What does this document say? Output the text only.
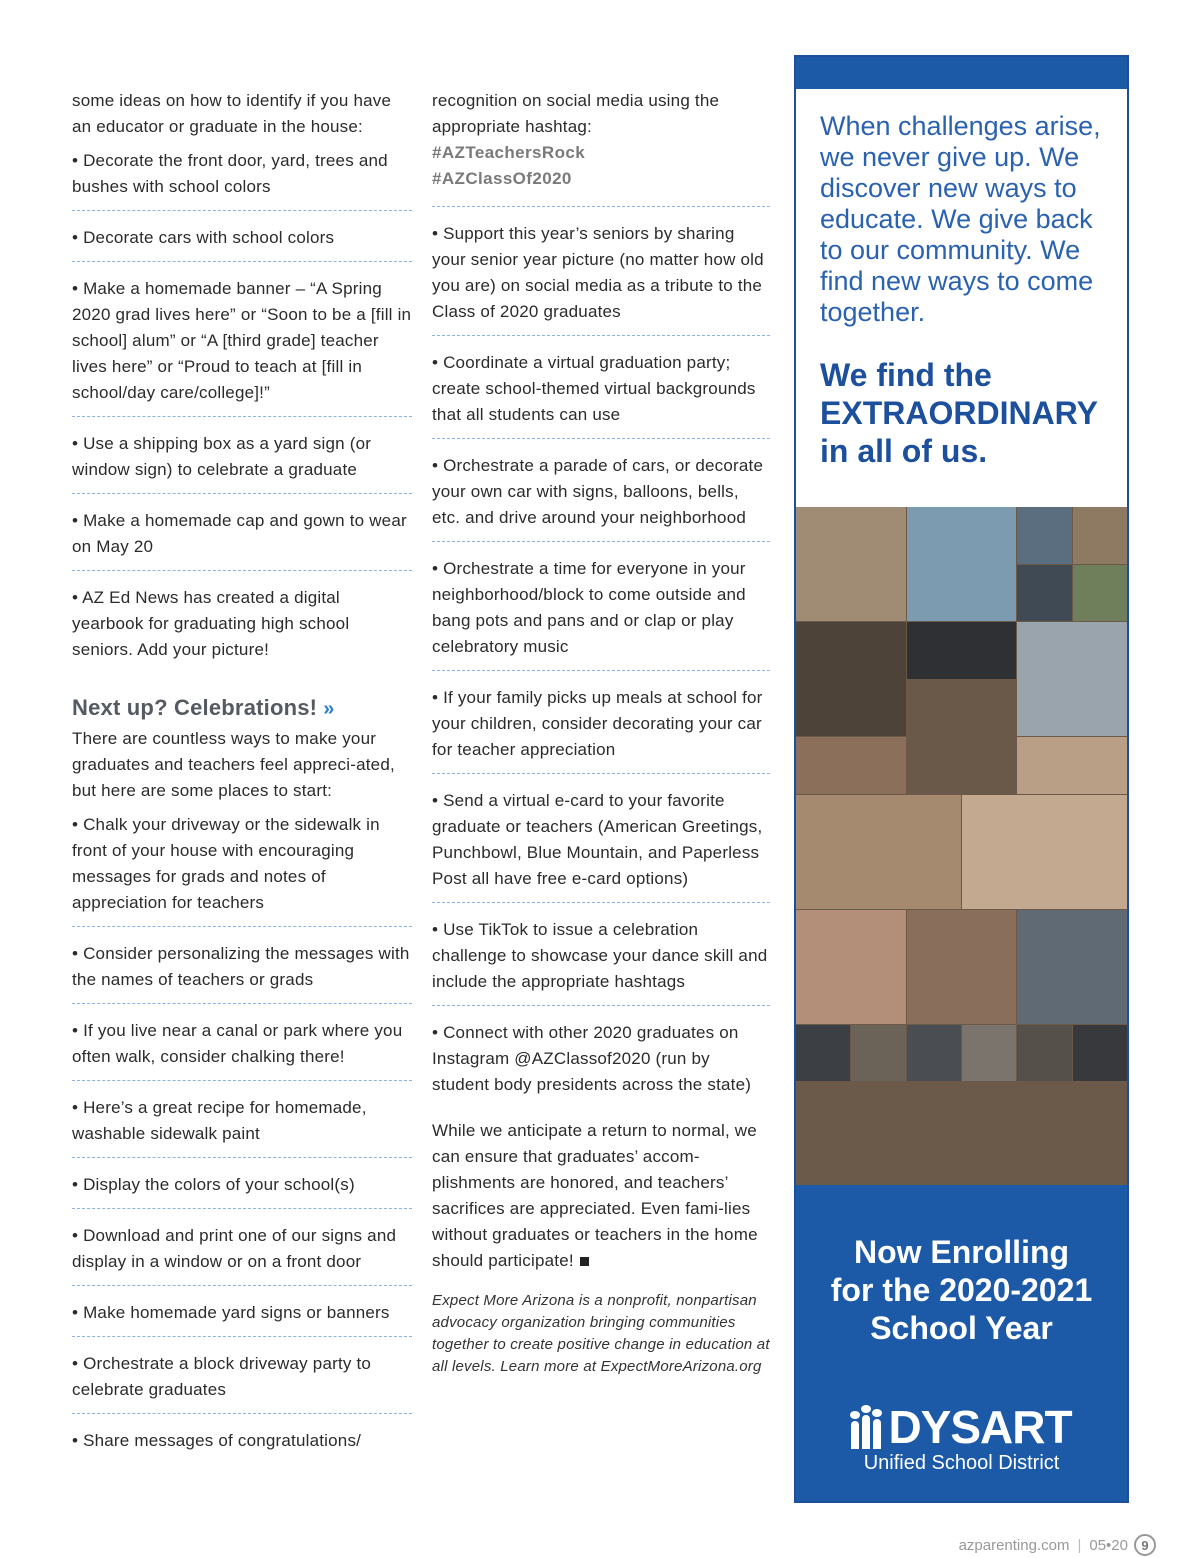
some ideas on how to identify if you have an educator or graduate in the house:

• Decorate the front door, yard, trees and bushes with school colors
• Decorate cars with school colors
• Make a homemade banner – “A Spring 2020 grad lives here” or “Soon to be a [fill in school] alum” or “A [third grade] teacher lives here” or “Proud to teach at [fill in school/day care/college]!”
• Use a shipping box as a yard sign (or window sign) to celebrate a graduate
• Make a homemade cap and gown to wear on May 20
• AZ Ed News has created a digital yearbook for graduating high school seniors. Add your picture!
Next up? Celebrations! »

There are countless ways to make your graduates and teachers feel appreci-ated, but here are some places to start:

• Chalk your driveway or the sidewalk in front of your house with encouraging messages for grads and notes of appreciation for teachers
• Consider personalizing the messages with the names of teachers or grads
• If you live near a canal or park where you often walk, consider chalking there!
• Here’s a great recipe for homemade, washable sidewalk paint
• Display the colors of your school(s)
• Download and print one of our signs and display in a window or on a front door
• Make homemade yard signs or banners
• Orchestrate a block driveway party to celebrate graduates
• Share messages of congratulations/

recognition on social media using the appropriate hashtag:

#AZTeachersRock
#AZClassOf2020
• Support this year’s seniors by sharing your senior year picture (no matter how old you are) on social media as a tribute to the Class of 2020 graduates
• Coordinate a virtual graduation party; create school-themed virtual backgrounds that all students can use
• Orchestrate a parade of cars, or decorate your own car with signs, balloons, bells, etc. and drive around your neighborhood
• Orchestrate a time for everyone in your neighborhood/block to come outside and bang pots and pans and or clap or play celebratory music
• If your family picks up meals at school for your children, consider decorating your car for teacher appreciation
• Send a virtual e-card to your favorite graduate or teachers (American Greetings, Punchbowl, Blue Mountain, and Paperless Post all have free e-card options)
• Use TikTok to issue a celebration challenge to showcase your dance skill and include the appropriate hashtags
• Connect with other 2020 graduates on Instagram @AZClassof2020 (run by student body presidents across the state)

While we anticipate a return to normal, we can ensure that graduates’ accom-plishments are honored, and teachers’ sacrifices are appreciated. Even fami-lies without graduates or teachers in the home should participate!

Expect More Arizona is a nonprofit, nonpartisan advocacy organization bringing communities together to create positive change in education at all levels. Learn more at ExpectMoreArizona.org

When challenges arise, we never give up. We discover new ways to educate. We give back to our community. We find new ways to come together.

We find the
EXTRAORDINARY
in all of us.
Now Enrolling
for the 2020-2021
School Year
DYSART
Unified School District
azparenting.com | 05•20	9
